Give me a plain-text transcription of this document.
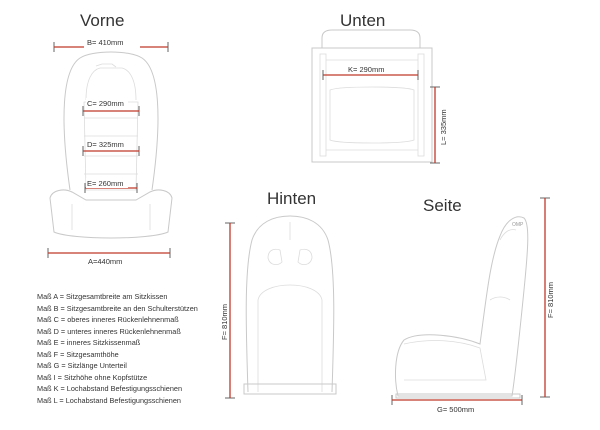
Vorne	Unten
Hinten	Seite
B= 410mm
C= 290mm
D= 325mm
E= 260mm
A=440mm
K= 290mm
L= 335mm
F= 810mm
OMP
F= 810mm
G= 500mm
Maß A = Sitzgesamtbreite am Sitzkissen
Maß B = Sitzgesamtbreite an den Schulterstützen
Maß C = oberes inneres Rückenlehnenmaß
Maß D = unteres inneres Rückenlehnenmaß
Maß E = inneres Sitzkissenmaß
Maß F = Sitzgesamthöhe
Maß G = Sitzlänge Unterteil
Maß I = Sitzhöhe ohne Kopfstütze
Maß K = Lochabstand Befestigungsschienen
Maß L = Lochabstand Befestigungsschienen
